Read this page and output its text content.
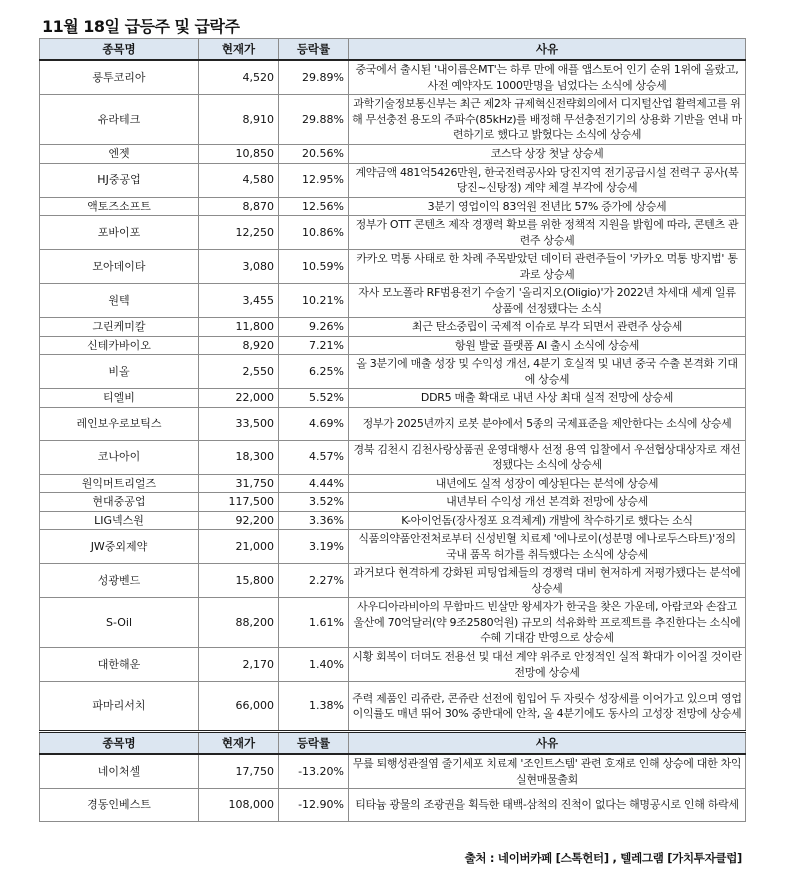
11월 18일 급등주 및 급락주
종목명	현재가	등락률	사유
룽투코리아	4,520	29.89%	중국에서 출시된 '내이름은MT'는 하루 만에 애플 앱스토어 인기 순위 1위에 올랐고, 사전 예약자도 1000만명을 넘었다는 소식에 상승세
유라테크	8,910	29.88%	과학기술정보통신부는 최근 제2차 규제혁신전략회의에서 디지털산업 활력제고를 위해 무선충전 용도의 주파수(85kHz)를 배정해 무선충전기기의 상용화 기반을 연내 마련하기로 했다고 밝혔다는 소식에 상승세
엔젯	10,850	20.56%	코스닥 상장 첫날 상승세
HJ중공업	4,580	12.95%	계약금액 481억5426만원, 한국전력공사와 당진지역 전기공급시설 전력구 공사(북당진~신탕정) 계약 체결 부각에 상승세
액토즈소프트	8,870	12.56%	3분기 영업이익 83억원 전년比 57% 증가에 상승세
포바이포	12,250	10.86%	정부가 OTT 콘텐츠 제작 경쟁력 확보를 위한 정책적 지원을 밝힘에 따라, 콘텐츠 관련주 상승세
모아데이타	3,080	10.59%	카카오 먹통 사태로 한 차례 주목받았던 데이터 관련주들이 '카카오 먹통 방지법' 통과로 상승세
원텍	3,455	10.21%	자사 모노폴라 RF범용전기 수술기 '올리지오(Oligio)'가 2022년 차세대 세계 일류 상품에 선정됐다는 소식
그린케미칼	11,800	9.26%	최근 탄소중립이 국제적 이슈로 부각 되면서 관련주 상승세
신테카바이오	8,920	7.21%	항원 발굴 플랫폼 AI 출시 소식에 상승세
비올	2,550	6.25%	올 3분기에 매출 성장 및 수익성 개선, 4분기 호실적 및 내년 중국 수출 본격화 기대에 상승세
티엘비	22,000	5.52%	DDR5 매출 확대로 내년 사상 최대 실적 전망에 상승세
레인보우로보틱스	33,500	4.69%	정부가 2025년까지 로봇 분야에서 5종의 국제표준을 제안한다는 소식에 상승세
코나아이	18,300	4.57%	경북 김천시 김천사랑상품권 운영대행사 선정 용역 입찰에서 우선협상대상자로 재선정됐다는 소식에 상승세
원익머트리얼즈	31,750	4.44%	내년에도 실적 성장이 예상된다는 분석에 상승세
현대중공업	117,500	3.52%	내년부터 수익성 개선 본격화 전망에 상승세
LIG넥스원	92,200	3.36%	K-아이언돔(장사정포 요격체계) 개발에 착수하기로 했다는 소식
JW중외제약	21,000	3.19%	식품의약품안전처로부터 신성빈혈 치료제 '에나로이(성분명 에나로두스타트)'정의 국내 품목 허가를 취득했다는 소식에 상승세
성광벤드	15,800	2.27%	과거보다 현격하게 강화된 피팅업체들의 경쟁력 대비 현저하게 저평가됐다는 분석에 상승세
S-Oil	88,200	1.61%	사우디아라비아의 무함마드 빈살만 왕세자가 한국을 찾은 가운데, 아람코와 손잡고 울산에 70억달러(약 9조2580억원) 규모의 석유화학 프로젝트를 추진한다는 소식에 수혜 기대감 반영으로 상승세
대한해운	2,170	1.40%	시황 회복이 더뎌도 전용선 및 대선 계약 위주로 안정적인 실적 확대가 이어질 것이란 전망에 상승세
파마리서치	66,000	1.38%	주력 제품인 리쥬란, 콘쥬란 선전에 힘입어 두 자릿수 성장세를 이어가고 있으며 영업이익률도 매년 뛰어 30% 중반대에 안착, 올 4분기에도 동사의 고성장 전망에 상승세
종목명	현재가	등락률	사유
네이처셀	17,750	-13.20%	무릎 퇴행성관절염 줄기세포 치료제 '조인트스템' 관련 호재로 인해 상승에 대한 차익실현매물출회
경동인베스트	108,000	-12.90%	티타늄 광물의 조광권을 획득한 태백-삼척의 진척이 없다는 해명공시로 인해 하락세
출처 : 네이버카페 [스톡헌터] , 텔레그램 [가치투자클럽]
